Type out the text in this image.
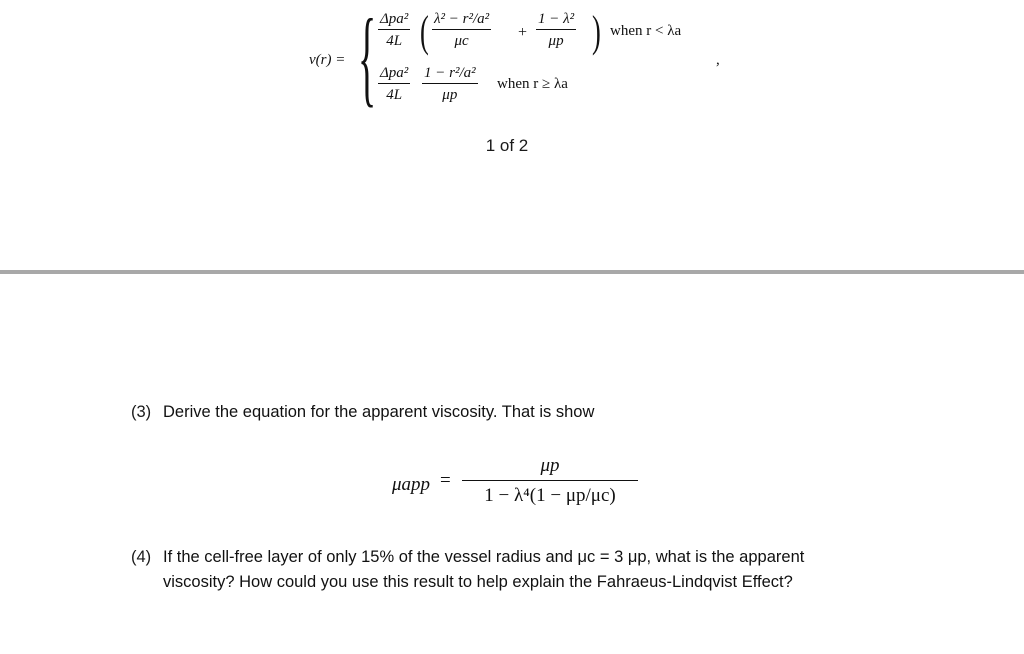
v(r) = { Δpa²
4L ( $\frac{\text{λ² − r²/a²}}{\mu c} + \frac{\text{1 − λ²}}{\mu p}$ ) when r < λa
Δpa²
4L	$\frac{\text{1 − r²/a²}}{\mu p}$ when r ≥ λa
,
1 of 2
(3) Derive the equation for the apparent viscosity. That is show
$\mu app = \frac{\mu p}{\text{1 − λ⁴(1 − μp/μc)}}$
(4) If the cell-free layer of only 15% of the vessel radius and μc = 3 μp, what is the apparent
viscosity? How could you use this result to help explain the Fahraeus-Lindqvist Effect?
